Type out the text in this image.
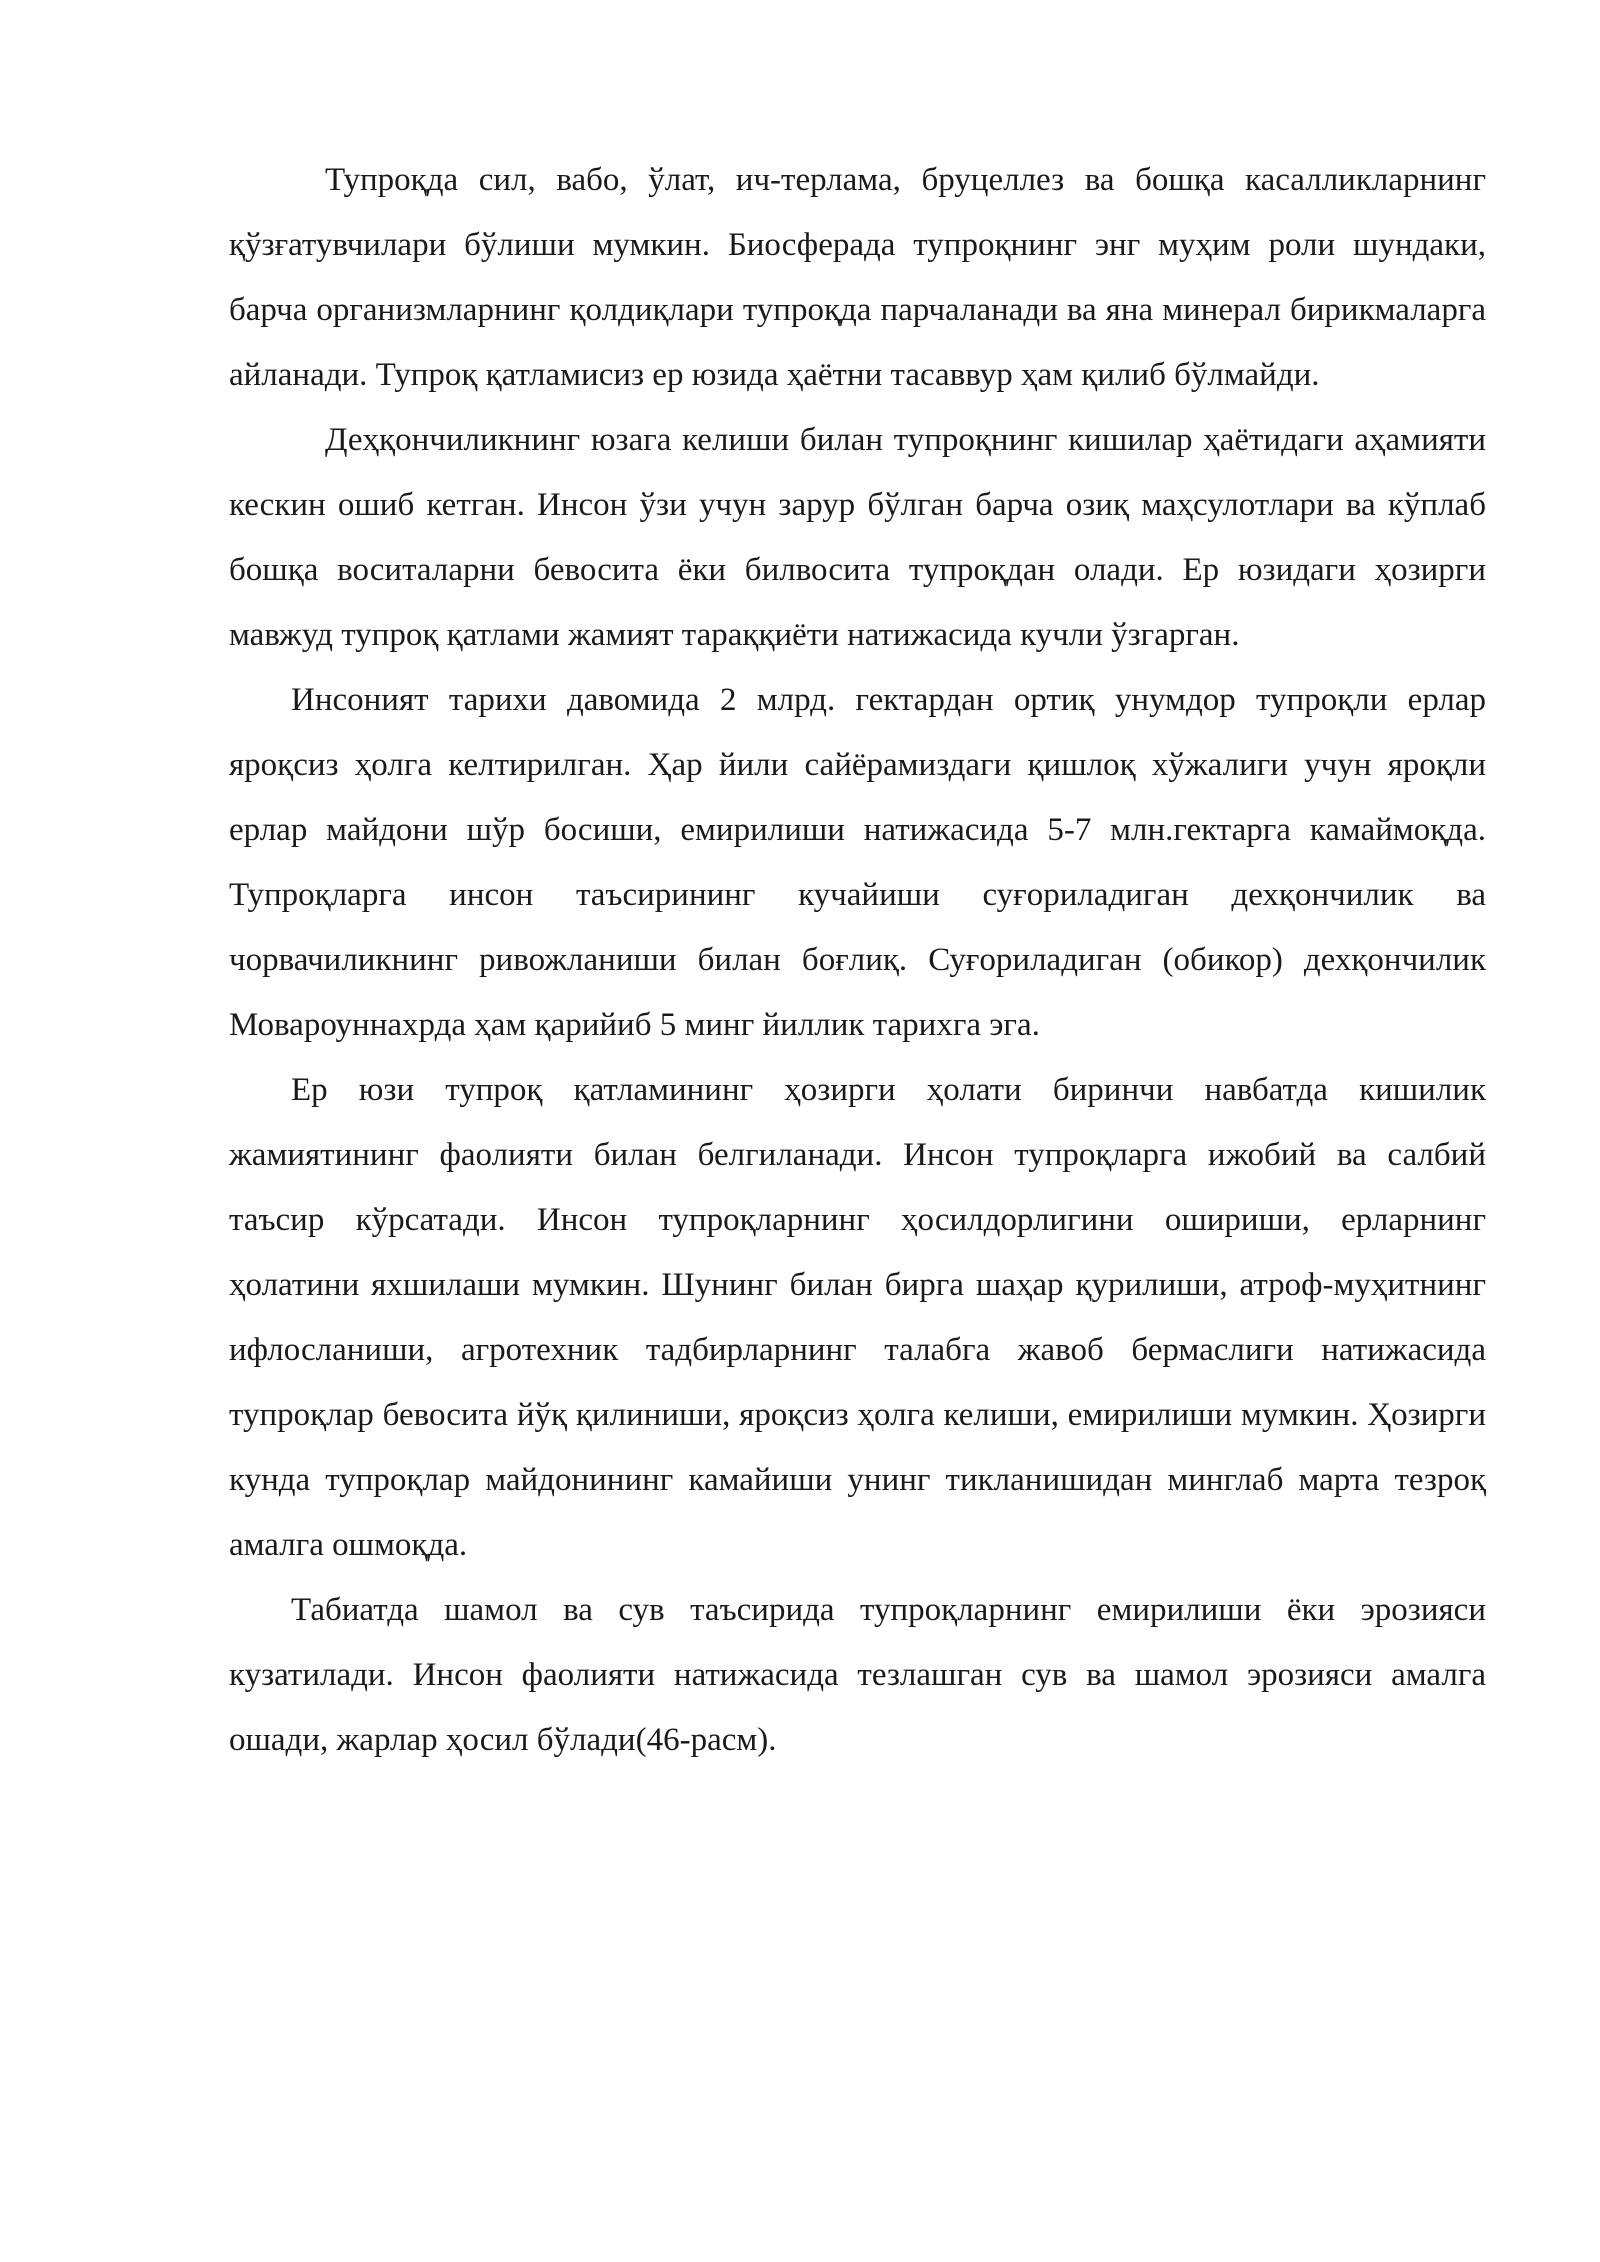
Тупроқда сил, вабо, ўлат, ич-терлама, бруцеллез ва бошқа касалликларнинг қўзғатувчилари бўлиши мумкин. Биосферада тупроқнинг энг муҳим роли шундаки, барча организмларнинг қолдиқлари тупроқда парчаланади ва яна минерал бирикмаларга айланади. Тупроқ қатламисиз ер юзида ҳаётни тасаввур ҳам қилиб бўлмайди.

Деҳқончиликнинг юзага келиши билан тупроқнинг кишилар ҳаётидаги аҳамияти кескин ошиб кетган. Инсон ўзи учун зарур бўлган барча озиқ маҳсулотлари ва кўплаб бошқа воситаларни бевосита ёки билвосита тупроқдан олади. Ер юзидаги ҳозирги мавжуд тупроқ қатлами жамият тараққиёти натижасида кучли ўзгарган.

Инсоният тарихи давомида 2 млрд. гектардан ортиқ унумдор тупроқли ерлар яроқсиз ҳолга келтирилган. Ҳар йили сайёрамиздаги қишлоқ хўжалиги учун яроқли ерлар майдони шўр босиши, емирилиши натижасида 5-7 млн.гектарга камаймоқда. Тупроқларга инсон таъсирининг кучайиши суғориладиган дехқончилик ва чорвачиликнинг ривожланиши билан боғлиқ. Суғориладиган (обикор) дехқончилик Мовароуннахрда ҳам қарийиб 5 минг йиллик тарихга эга.

Ер юзи тупроқ қатламининг ҳозирги ҳолати биринчи навбатда кишилик жамиятининг фаолияти билан белгиланади. Инсон тупроқларга ижобий ва салбий таъсир кўрсатади. Инсон тупроқларнинг ҳосилдорлигини ошириши, ерларнинг ҳолатини яхшилаши мумкин. Шунинг билан бирга шаҳар қурилиши, атроф-муҳитнинг ифлосланиши, агротехник тадбирларнинг талабга жавоб бермаслиги натижасида тупроқлар бевосита йўқ қилиниши, яроқсиз ҳолга келиши, емирилиши мумкин. Ҳозирги кунда тупроқлар майдонининг камайиши унинг тикланишидан минглаб марта тезроқ амалга ошмоқда.

Табиатда шамол ва сув таъсирида тупроқларнинг емирилиши ёки эрозияси кузатилади. Инсон фаолияти натижасида тезлашган сув ва шамол эрозияси амалга ошади, жарлар ҳосил бўлади(46-расм).
